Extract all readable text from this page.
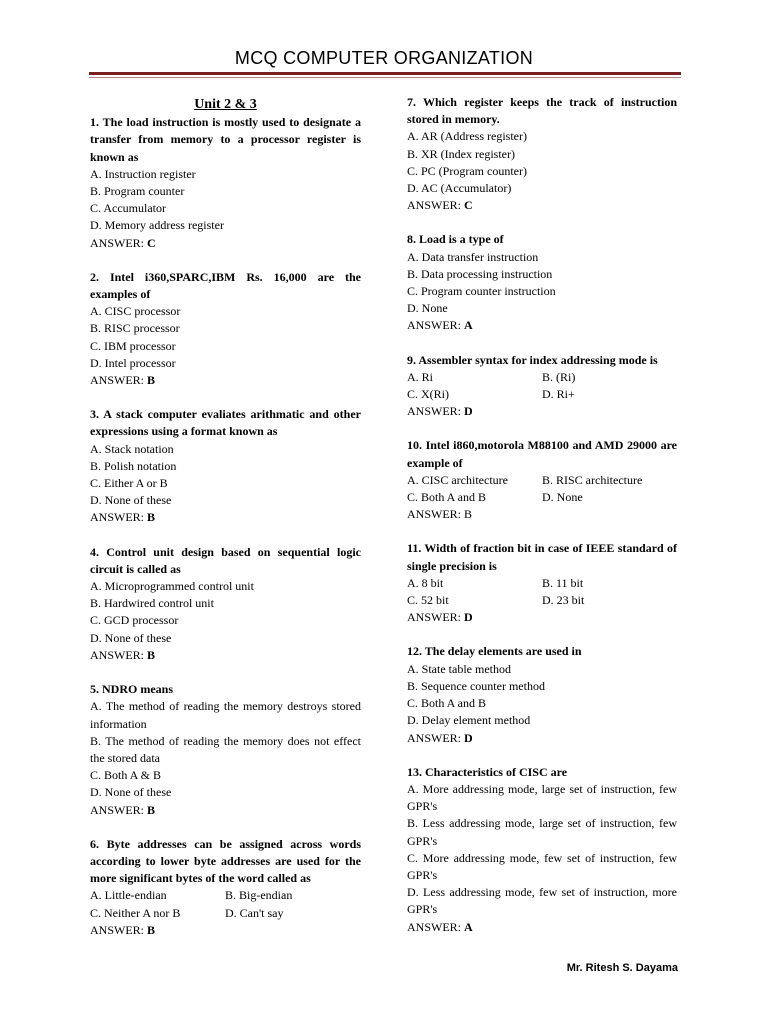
MCQ COMPUTER ORGANIZATION
Unit 2 & 3
1. The load instruction is mostly used to designate a transfer from memory to a processor register is known as
A. Instruction register
B. Program counter
C. Accumulator
D. Memory address register
ANSWER: C
2. Intel i360,SPARC,IBM Rs. 16,000 are the examples of
A. CISC processor
B. RISC processor
C. IBM processor
D. Intel processor
ANSWER: B
3. A stack computer evaliates arithmatic and other expressions using a format known as
A. Stack notation
B. Polish notation
C. Either A or B
D. None of these
ANSWER: B
4. Control unit design based on sequential logic circuit is called as
A. Microprogrammed control unit
B. Hardwired control unit
C. GCD processor
D. None of these
ANSWER: B
5. NDRO means
A. The method of reading the memory destroys stored information
B. The method of reading the memory does not effect the stored data
C. Both A & B
D. None of these
ANSWER: B
6. Byte addresses can be assigned across words according to lower byte addresses are used for the more significant bytes of the word called as
A. Little-endian	B. Big-endian
C. Neither A nor B	D. Can't say
ANSWER: B
7. Which register keeps the track of instruction stored in memory.
A. AR (Address register)
B. XR (Index register)
C. PC (Program counter)
D. AC (Accumulator)
ANSWER: C
8. Load is a type of
A. Data transfer instruction
B. Data processing instruction
C. Program counter instruction
D. None
ANSWER: A
9. Assembler syntax for index addressing mode is
A. Ri	B. (Ri)
C. X(Ri)	D. Ri+
ANSWER: D
10. Intel i860,motorola M88100 and AMD 29000 are example of
A. CISC architecture	B. RISC architecture
C. Both A and B	D. None
ANSWER: B
11. Width of fraction bit in case of IEEE standard of single precision is
A. 8 bit	B. 11 bit
C. 52 bit	D. 23 bit
ANSWER: D
12. The delay elements are used in
A. State table method
B. Sequence counter method
C. Both A and B
D. Delay element method
ANSWER: D
13. Characteristics of CISC are
A. More addressing mode, large set of instruction, few GPR's
B. Less addressing mode, large set of instruction, few GPR's
C. More addressing mode, few set of instruction, few GPR's
D. Less addressing mode, few set of instruction, more GPR's
ANSWER: A
Mr. Ritesh S. Dayama
